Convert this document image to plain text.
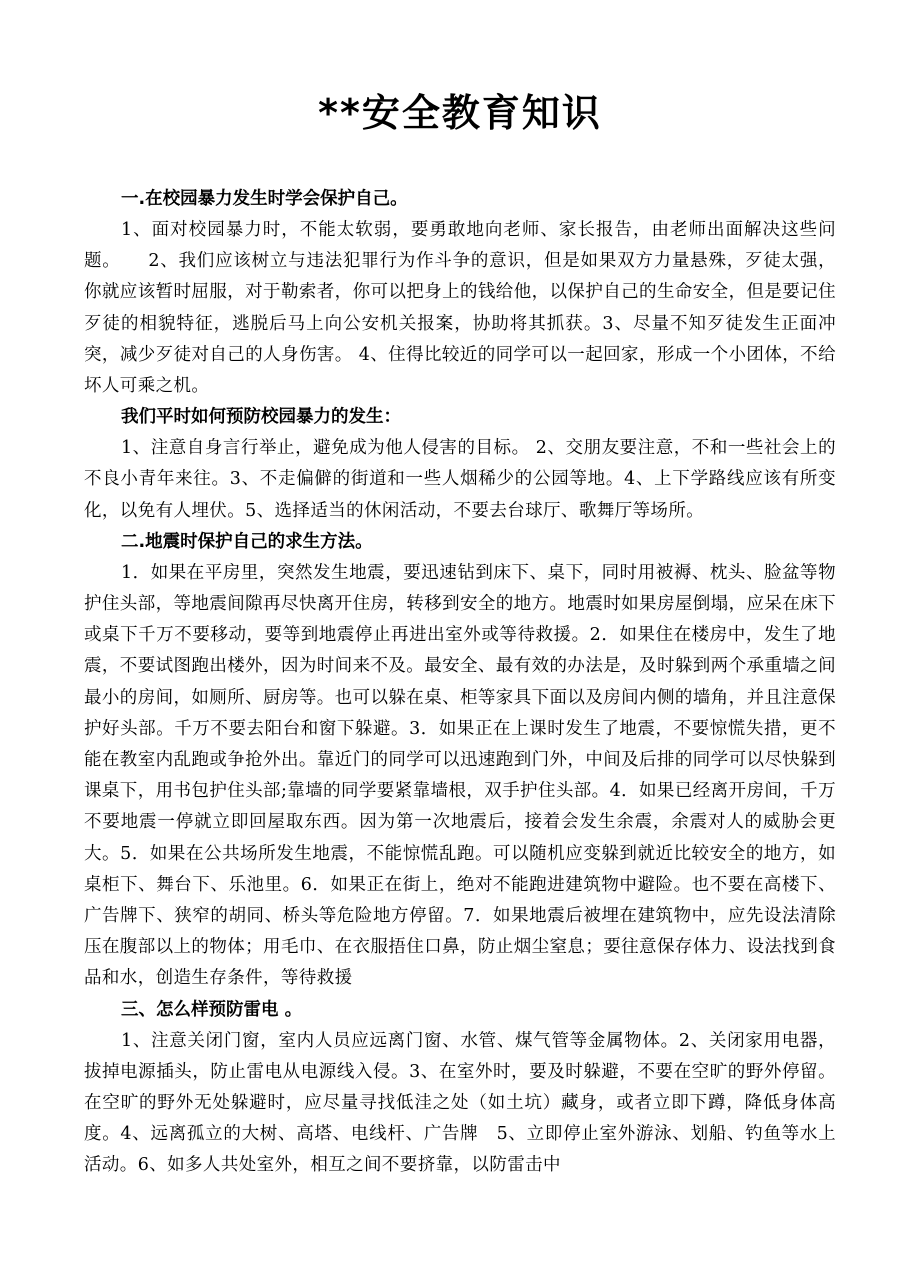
**安全教育知识

一.在校园暴力发生时学会保护自己。

1、面对校园暴力时，不能太软弱，要勇敢地向老师、家长报告，由老师出面解决这些问题。　　2、我们应该树立与违法犯罪行为作斗争的意识，但是如果双方力量悬殊，歹徒太强，你就应该暂时屈服，对于勒索者，你可以把身上的钱给他，以保护自己的生命安全，但是要记住歹徒的相貌特征，逃脱后马上向公安机关报案，协助将其抓获。3、尽量不知歹徒发生正面冲突，减少歹徒对自己的人身伤害。 4、住得比较近的同学可以一起回家，形成一个小团体，不给坏人可乘之机。

我们平时如何预防校园暴力的发生：

1、注意自身言行举止，避免成为他人侵害的目标。 2、交朋友要注意，不和一些社会上的不良小青年来往。3、不走偏僻的街道和一些人烟稀少的公园等地。4、上下学路线应该有所变化，以免有人埋伏。5、选择适当的休闲活动，不要去台球厅、歌舞厅等场所。

二.地震时保护自己的求生方法。

1．如果在平房里，突然发生地震，要迅速钻到床下、桌下，同时用被褥、枕头、脸盆等物护住头部，等地震间隙再尽快离开住房，转移到安全的地方。地震时如果房屋倒塌，应呆在床下或桌下千万不要移动，要等到地震停止再进出室外或等待救援。2．如果住在楼房中，发生了地震，不要试图跑出楼外，因为时间来不及。最安全、最有效的办法是，及时躲到两个承重墙之间最小的房间，如厕所、厨房等。也可以躲在桌、柜等家具下面以及房间内侧的墙角，并且注意保护好头部。千万不要去阳台和窗下躲避。3．如果正在上课时发生了地震，不要惊慌失措，更不能在教室内乱跑或争抢外出。靠近门的同学可以迅速跑到门外，中间及后排的同学可以尽快躲到课桌下，用书包护住头部;靠墙的同学要紧靠墙根，双手护住头部。4．如果已经离开房间，千万不要地震一停就立即回屋取东西。因为第一次地震后，接着会发生余震，余震对人的威胁会更大。5．如果在公共场所发生地震，不能惊慌乱跑。可以随机应变躲到就近比较安全的地方，如桌柜下、舞台下、乐池里。6．如果正在街上，绝对不能跑进建筑物中避险。也不要在高楼下、广告牌下、狭窄的胡同、桥头等危险地方停留。7．如果地震后被埋在建筑物中，应先设法清除压在腹部以上的物体；用毛巾、在衣服捂住口鼻，防止烟尘窒息；要往意保存体力、设法找到食品和水，创造生存条件，等待救援

三、怎么样预防雷电 。

1、注意关闭门窗，室内人员应远离门窗、水管、煤气管等金属物体。2、关闭家用电器，拔掉电源插头，防止雷电从电源线入侵。3、在室外时，要及时躲避，不要在空旷的野外停留。在空旷的野外无处躲避时，应尽量寻找低洼之处（如土坑）藏身，或者立即下蹲，降低身体高度。4、远离孤立的大树、高塔、电线杆、广告牌　5、立即停止室外游泳、划船、钓鱼等水上活动。6、如多人共处室外，相互之间不要挤靠，以防雷击中
